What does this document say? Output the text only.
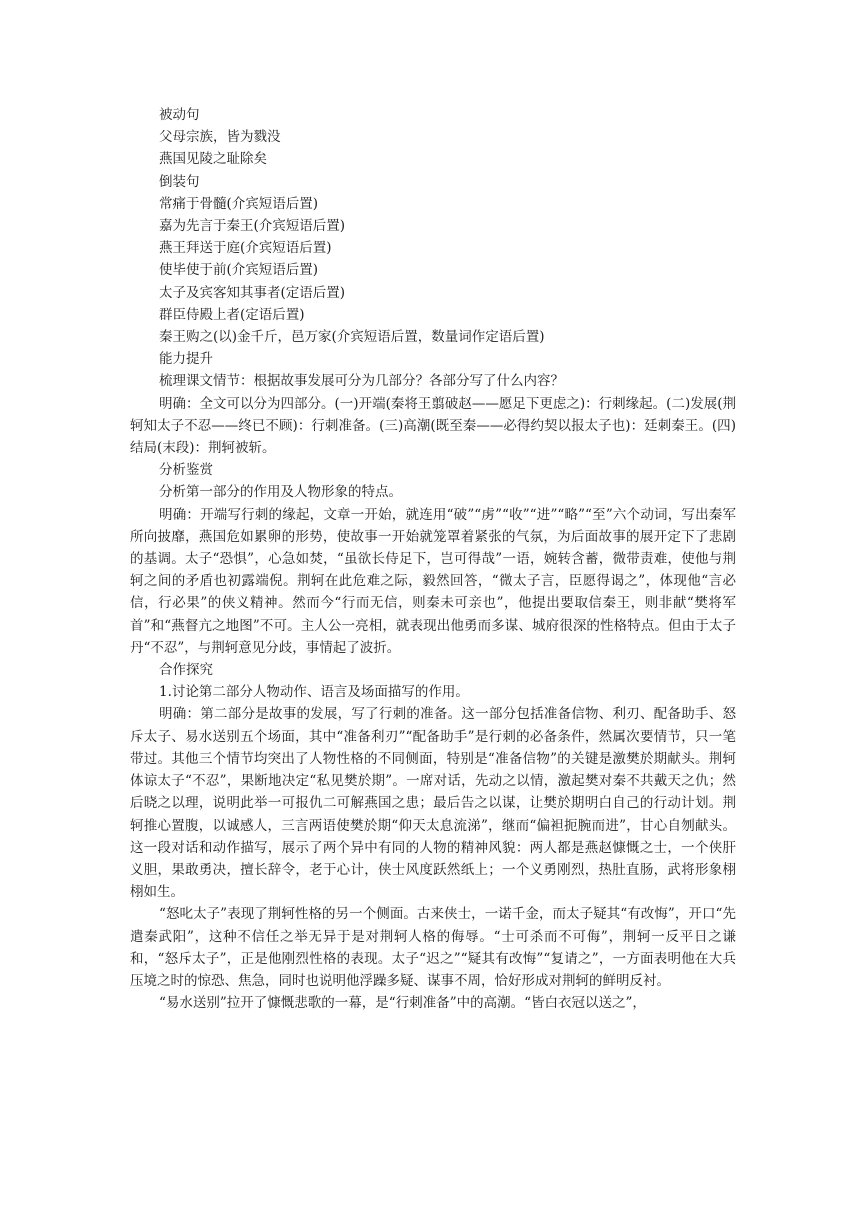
被动句

父母宗族，皆为戮没

燕国见陵之耻除矣

倒装句

常痛于骨髓(介宾短语后置)

嘉为先言于秦王(介宾短语后置)

燕王拜送于庭(介宾短语后置)

使毕使于前(介宾短语后置)

太子及宾客知其事者(定语后置)

群臣侍殿上者(定语后置)

秦王购之(以)金千斤，邑万家(介宾短语后置，数量词作定语后置)

能力提升

梳理课文情节：根据故事发展可分为几部分？各部分写了什么内容？

明确：全文可以分为四部分。(一)开端(秦将王翦破赵——愿足下更虑之)：行刺缘起。(二)发展(荆轲知太子不忍——终已不顾)：行刺准备。(三)高潮(既至秦——必得约契以报太子也)：廷刺秦王。(四)结局(末段)：荆轲被斩。

分析鉴赏

分析第一部分的作用及人物形象的特点。

明确：开端写行刺的缘起，文章一开始，就连用“破”“虏”“收”“进”“略”“至”六个动词，写出秦军所向披靡，燕国危如累卵的形势，使故事一开始就笼罩着紧张的气氛，为后面故事的展开定下了悲剧的基调。太子“恐惧”，心急如焚，“虽欲长侍足下，岂可得哉”一语，婉转含蓄，微带责难，使他与荆轲之间的矛盾也初露端倪。荆轲在此危难之际，毅然回答，“微太子言，臣愿得谒之”，体现他“言必信，行必果”的侠义精神。然而今“行而无信，则秦未可亲也”，他提出要取信秦王，则非献“樊将军首”和“燕督亢之地图”不可。主人公一亮相，就表现出他勇而多谋、城府很深的性格特点。但由于太子丹“不忍”，与荆轲意见分歧，事情起了波折。

合作探究

1.讨论第二部分人物动作、语言及场面描写的作用。

明确：第二部分是故事的发展，写了行刺的准备。这一部分包括准备信物、利刃、配备助手、怒斥太子、易水送别五个场面，其中“准备利刃”“配备助手”是行刺的必备条件，然属次要情节，只一笔带过。其他三个情节均突出了人物性格的不同侧面，特别是“准备信物”的关键是激樊於期献头。荆轲体谅太子“不忍”，果断地决定“私见樊於期”。一席对话，先动之以情，激起樊对秦不共戴天之仇；然后晓之以理，说明此举一可报仇二可解燕国之患；最后告之以谋，让樊於期明白自己的行动计划。荆轲推心置腹，以诚感人，三言两语使樊於期“仰天太息流涕”，继而“偏袒扼腕而进”，甘心自刎献头。这一段对话和动作描写，展示了两个异中有同的人物的精神风貌：两人都是燕赵慷慨之士，一个侠肝义胆，果敢勇决，擅长辞令，老于心计，侠士风度跃然纸上；一个义勇刚烈，热肚直肠，武将形象栩栩如生。

“怒叱太子”表现了荆轲性格的另一个侧面。古来侠士，一诺千金，而太子疑其“有改悔”，开口“先遣秦武阳”，这种不信任之举无异于是对荆轲人格的侮辱。“士可杀而不可侮”，荆轲一反平日之谦和，“怒斥太子”，正是他刚烈性格的表现。太子“迟之”“疑其有改悔”“复请之”，一方面表明他在大兵压境之时的惊恐、焦急，同时也说明他浮躁多疑、谋事不周，恰好形成对荆轲的鲜明反衬。

“易水送别”拉开了慷慨悲歌的一幕，是“行刺准备”中的高潮。“皆白衣冠以送之”，
